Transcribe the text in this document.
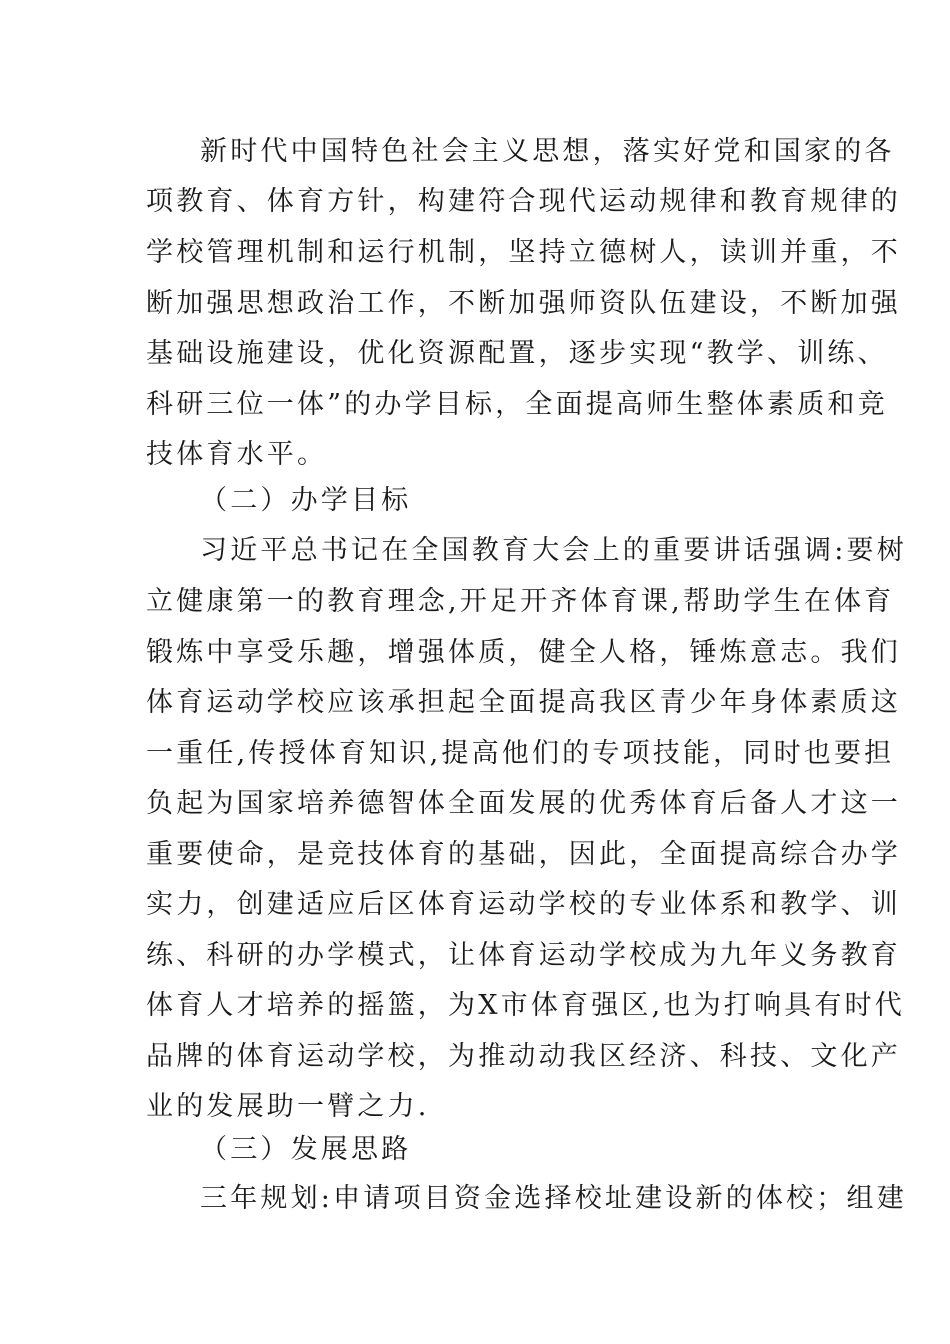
新时代中国特色社会主义思想，落实好党和国家的各
项教育、体育方针，构建符合现代运动规律和教育规律的
学校管理机制和运行机制，坚持立德树人，读训并重，不
断加强思想政治工作，不断加强师资队伍建设，不断加强
基础设施建设，优化资源配置，逐步实现“教学、训练、
科研三位一体”的办学目标，全面提高师生整体素质和竞
技体育水平。
（二）办学目标
习近平总书记在全国教育大会上的重要讲话强调:要树
立健康第一的教育理念,开足开齐体育课,帮助学生在体育
锻炼中享受乐趣，增强体质，健全人格，锤炼意志。我们
体育运动学校应该承担起全面提高我区青少年身体素质这
一重任,传授体育知识,提高他们的专项技能，同时也要担
负起为国家培养德智体全面发展的优秀体育后备人才这一
重要使命，是竞技体育的基础，因此，全面提高综合办学
实力，创建适应后区体育运动学校的专业体系和教学、训
练、科研的办学模式，让体育运动学校成为九年义务教育
体育人才培养的摇篮，为X市体育强区,也为打响具有时代
品牌的体育运动学校，为推动动我区经济、科技、文化产
业的发展助一臂之力.
（三）发展思路
三年规划:申请项目资金选择校址建设新的体校；组建
